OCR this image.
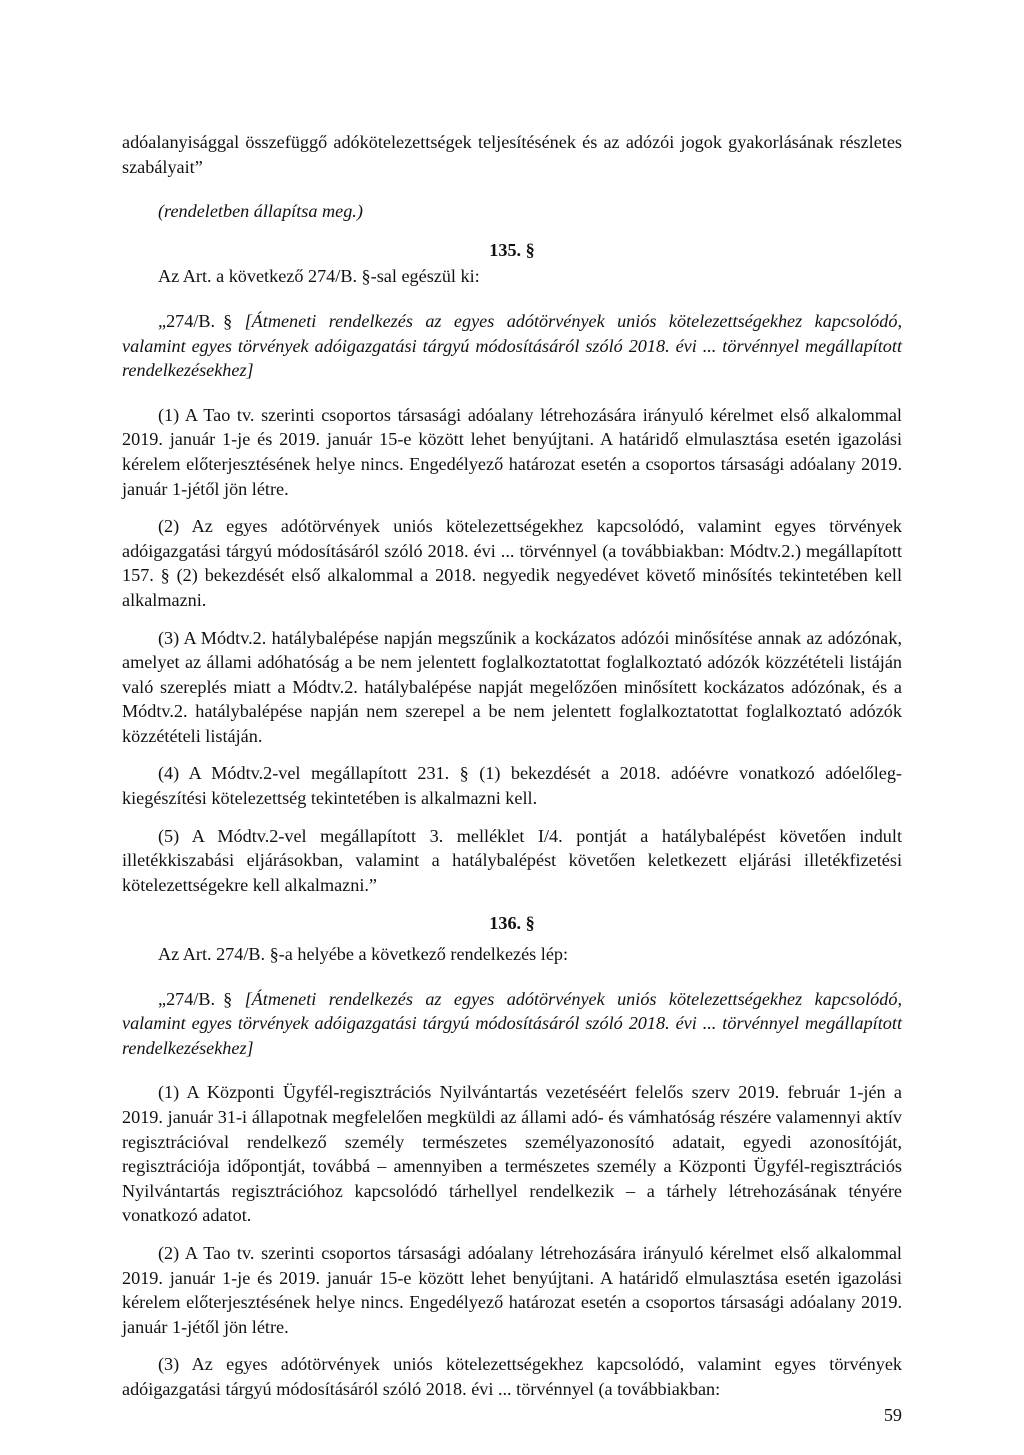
adóalanyisággal összefüggő adókötelezettségek teljesítésének és az adózói jogok gyakorlásának részletes szabályait”

(rendeletben állapítsa meg.)

135. §

Az Art. a következő 274/B. §-sal egészül ki:

„274/B. § [Átmeneti rendelkezés az egyes adótörvények uniós kötelezettségekhez kapcsolódó, valamint egyes törvények adóigazgatási tárgyú módosításáról szóló 2018. évi ... törvénnyel megállapított rendelkezésekhez]

(1) A Tao tv. szerinti csoportos társasági adóalany létrehozására irányuló kérelmet első alkalommal 2019. január 1-je és 2019. január 15-e között lehet benyújtani. A határidő elmulasztása esetén igazolási kérelem előterjesztésének helye nincs. Engedélyező határozat esetén a csoportos társasági adóalany 2019. január 1-jétől jön létre.

(2) Az egyes adótörvények uniós kötelezettségekhez kapcsolódó, valamint egyes törvények adóigazgatási tárgyú módosításáról szóló 2018. évi ... törvénnyel (a továbbiakban: Módtv.2.) megállapított 157. § (2) bekezdését első alkalommal a 2018. negyedik negyedévet követő minősítés tekintetében kell alkalmazni.

(3) A Módtv.2. hatálybalépése napján megszűnik a kockázatos adózói minősítése annak az adózónak, amelyet az állami adóhatóság a be nem jelentett foglalkoztatottat foglalkoztató adózók közzétételi listáján való szereplés miatt a Módtv.2. hatálybalépése napját megelőzően minősített kockázatos adózónak, és a Módtv.2. hatálybalépése napján nem szerepel a be nem jelentett foglalkoztatottat foglalkoztató adózók közzétételi listáján.

(4) A Módtv.2-vel megállapított 231. § (1) bekezdését a 2018. adóévre vonatkozó adóelőleg-kiegészítési kötelezettség tekintetében is alkalmazni kell.

(5) A Módtv.2-vel megállapított 3. melléklet I/4. pontját a hatálybalépést követően indult illetékkiszabási eljárásokban, valamint a hatálybalépést követően keletkezett eljárási illetékfizetési kötelezettségekre kell alkalmazni.”

136. §

Az Art. 274/B. §-a helyébe a következő rendelkezés lép:

„274/B. § [Átmeneti rendelkezés az egyes adótörvények uniós kötelezettségekhez kapcsolódó, valamint egyes törvények adóigazgatási tárgyú módosításáról szóló 2018. évi ... törvénnyel megállapított rendelkezésekhez]

(1) A Központi Ügyfél-regisztrációs Nyilvántartás vezetéséért felelős szerv 2019. február 1-jén a 2019. január 31-i állapotnak megfelelően megküldi az állami adó- és vámhatóság részére valamennyi aktív regisztrációval rendelkező személy természetes személyazonosító adatait, egyedi azonosítóját, regisztrációja időpontját, továbbá – amennyiben a természetes személy a Központi Ügyfél-regisztrációs Nyilvántartás regisztrációhoz kapcsolódó tárhellyel rendelkezik – a tárhely létrehozásának tényére vonatkozó adatot.

(2) A Tao tv. szerinti csoportos társasági adóalany létrehozására irányuló kérelmet első alkalommal 2019. január 1-je és 2019. január 15-e között lehet benyújtani. A határidő elmulasztása esetén igazolási kérelem előterjesztésének helye nincs. Engedélyező határozat esetén a csoportos társasági adóalany 2019. január 1-jétől jön létre.

(3) Az egyes adótörvények uniós kötelezettségekhez kapcsolódó, valamint egyes törvények adóigazgatási tárgyú módosításáról szóló 2018. évi ... törvénnyel (a továbbiakban:

59
